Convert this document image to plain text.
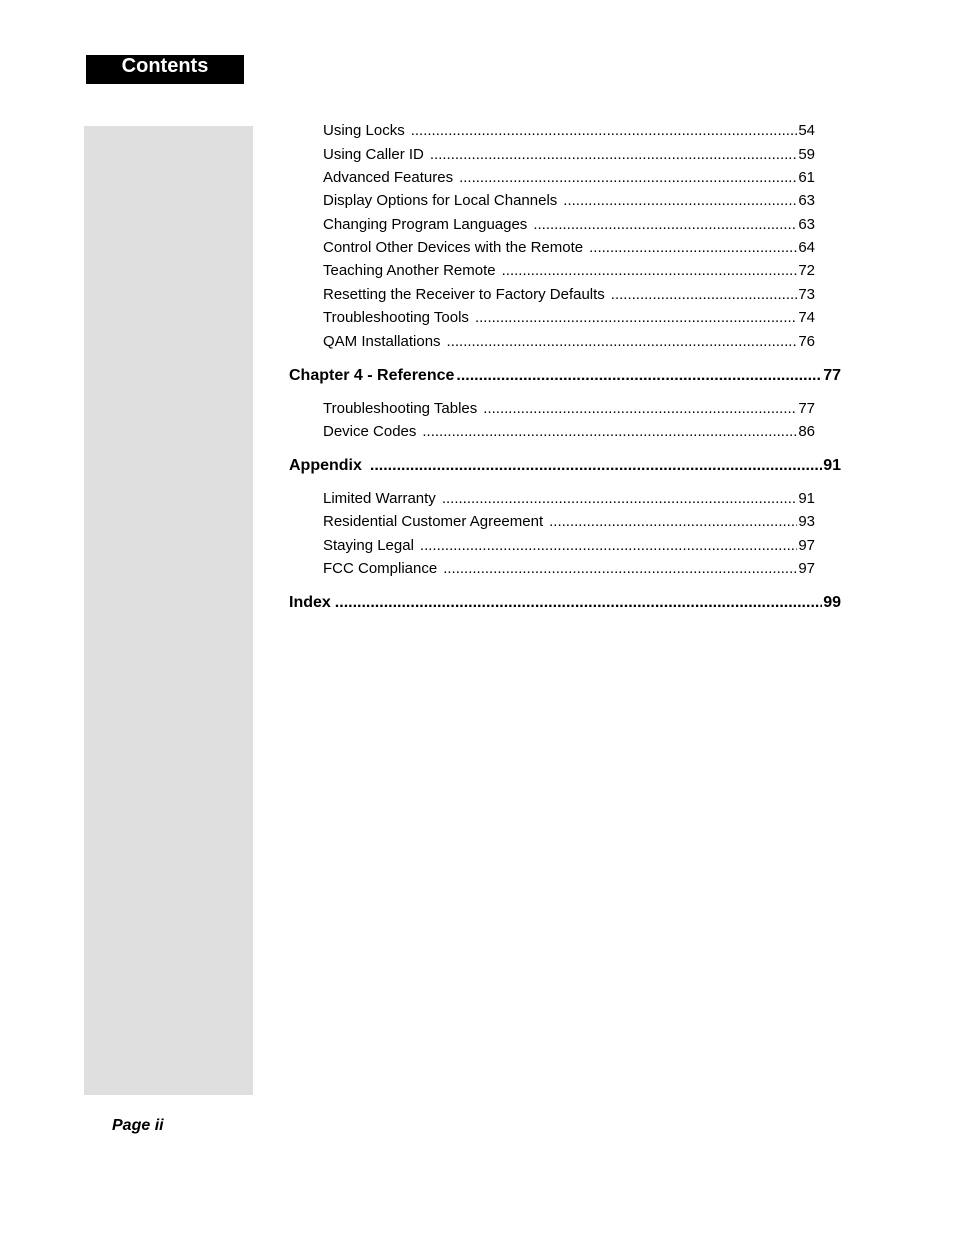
Contents
Using Locks .....	54
Using Caller ID .....	59
Advanced Features .....	61
Display Options for Local Channels .....	63
Changing Program Languages .....	63
Control Other Devices with the Remote .....	64
Teaching Another Remote .....	72
Resetting the Receiver to Factory Defaults .....	73
Troubleshooting Tools .....	74
QAM Installations .....	76
Chapter 4 - Reference .....	77
Troubleshooting Tables .....	77
Device Codes .....	86
Appendix .....	91
Limited Warranty .....	91
Residential Customer Agreement .....	93
Staying Legal .....	97
FCC Compliance .....	97
Index .....	99
Page ii
